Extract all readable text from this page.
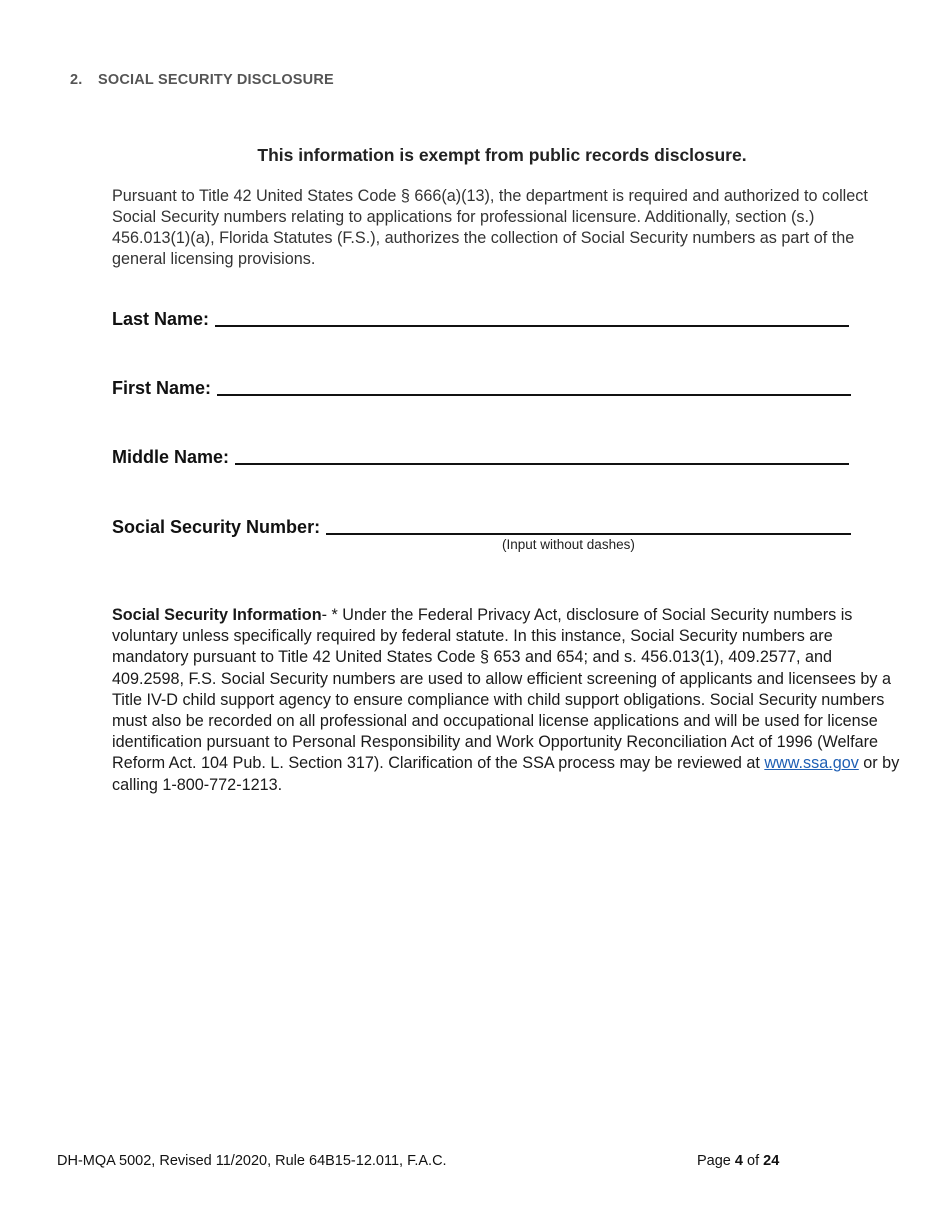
2. SOCIAL SECURITY DISCLOSURE
This information is exempt from public records disclosure.
Pursuant to Title 42 United States Code § 666(a)(13), the department is required and authorized to collect Social Security numbers relating to applications for professional licensure. Additionally, section (s.) 456.013(1)(a), Florida Statutes (F.S.), authorizes the collection of Social Security numbers as part of the general licensing provisions.
Last Name:
First Name:
Middle Name:
Social Security Number:
(Input without dashes)
Social Security Information- * Under the Federal Privacy Act, disclosure of Social Security numbers is voluntary unless specifically required by federal statute. In this instance, Social Security numbers are mandatory pursuant to Title 42 United States Code § 653 and 654; and s. 456.013(1), 409.2577, and 409.2598, F.S. Social Security numbers are used to allow efficient screening of applicants and licensees by a Title IV-D child support agency to ensure compliance with child support obligations. Social Security numbers must also be recorded on all professional and occupational license applications and will be used for license identification pursuant to Personal Responsibility and Work Opportunity Reconciliation Act of 1996 (Welfare Reform Act. 104 Pub. L. Section 317). Clarification of the SSA process may be reviewed at www.ssa.gov or by calling 1-800-772-1213.
DH-MQA 5002, Revised 11/2020, Rule 64B15-12.011, F.A.C.	Page 4 of 24
